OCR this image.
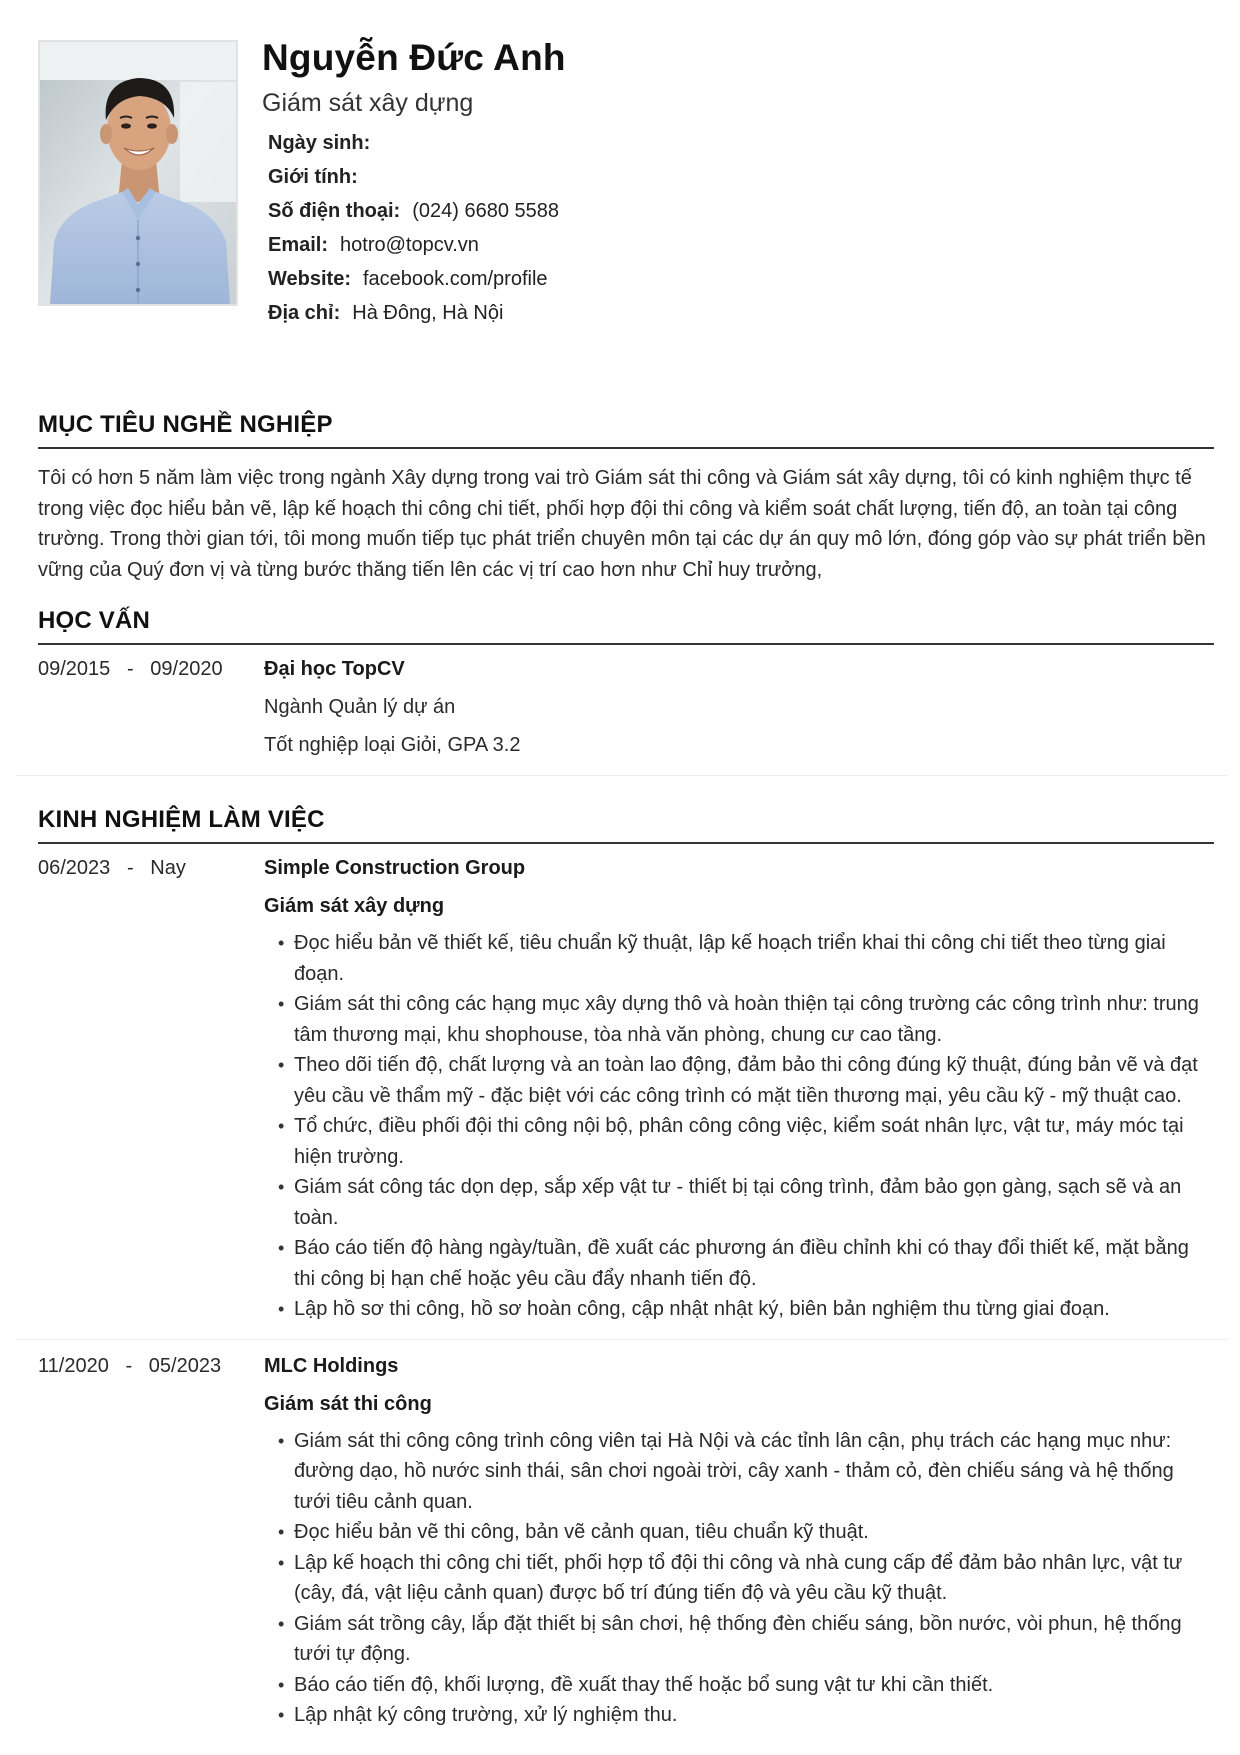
Nguyễn Đức Anh
Giám sát xây dựng
Ngày sinh:
Giới tính:
Số điện thoại: (024) 6680 5588
Email: hotro@topcv.vn
Website: facebook.com/profile
Địa chỉ: Hà Đông, Hà Nội
MỤC TIÊU NGHỀ NGHIỆP

Tôi có hơn 5 năm làm việc trong ngành Xây dựng trong vai trò Giám sát thi công và Giám sát xây dựng, tôi có kinh nghiệm thực tế trong việc đọc hiểu bản vẽ, lập kế hoạch thi công chi tiết, phối hợp đội thi công và kiểm soát chất lượng, tiến độ, an toàn tại công trường. Trong thời gian tới, tôi mong muốn tiếp tục phát triển chuyên môn tại các dự án quy mô lớn, đóng góp vào sự phát triển bền vững của Quý đơn vị và từng bước thăng tiến lên các vị trí cao hơn như Chỉ huy trưởng,

HỌC VẤN
09/2015   -   09/2020	Đại học TopCV
Ngành Quản lý dự án
Tốt nghiệp loại Giỏi, GPA 3.2
KINH NGHIỆM LÀM VIỆC
06/2023   -   Nay	Simple Construction Group
Giám sát xây dựng
• Đọc hiểu bản vẽ thiết kế, tiêu chuẩn kỹ thuật, lập kế hoạch triển khai thi công chi tiết theo từng giai đoạn.
• Giám sát thi công các hạng mục xây dựng thô và hoàn thiện tại công trường các công trình như: trung tâm thương mại, khu shophouse, tòa nhà văn phòng, chung cư cao tầng.
• Theo dõi tiến độ, chất lượng và an toàn lao động, đảm bảo thi công đúng kỹ thuật, đúng bản vẽ và đạt yêu cầu về thẩm mỹ - đặc biệt với các công trình có mặt tiền thương mại, yêu cầu kỹ - mỹ thuật cao.
• Tổ chức, điều phối đội thi công nội bộ, phân công công việc, kiểm soát nhân lực, vật tư, máy móc tại hiện trường.
• Giám sát công tác dọn dẹp, sắp xếp vật tư - thiết bị tại công trình, đảm bảo gọn gàng, sạch sẽ và an toàn.
• Báo cáo tiến độ hàng ngày/tuần, đề xuất các phương án điều chỉnh khi có thay đổi thiết kế, mặt bằng thi công bị hạn chế hoặc yêu cầu đẩy nhanh tiến độ.
• Lập hồ sơ thi công, hồ sơ hoàn công, cập nhật nhật ký, biên bản nghiệm thu từng giai đoạn.
11/2020   -   05/2023	MLC Holdings
Giám sát thi công
• Giám sát thi công công trình công viên tại Hà Nội và các tỉnh lân cận, phụ trách các hạng mục như: đường dạo, hồ nước sinh thái, sân chơi ngoài trời, cây xanh - thảm cỏ, đèn chiếu sáng và hệ thống tưới tiêu cảnh quan.
• Đọc hiểu bản vẽ thi công, bản vẽ cảnh quan, tiêu chuẩn kỹ thuật.
• Lập kế hoạch thi công chi tiết, phối hợp tổ đội thi công và nhà cung cấp để đảm bảo nhân lực, vật tư (cây, đá, vật liệu cảnh quan) được bố trí đúng tiến độ và yêu cầu kỹ thuật.
• Giám sát trồng cây, lắp đặt thiết bị sân chơi, hệ thống đèn chiếu sáng, bồn nước, vòi phun, hệ thống tưới tự động.
• Báo cáo tiến độ, khối lượng, đề xuất thay thế hoặc bổ sung vật tư khi cần thiết.
• Lập nhật ký công trường, xử lý nghiệm thu.
